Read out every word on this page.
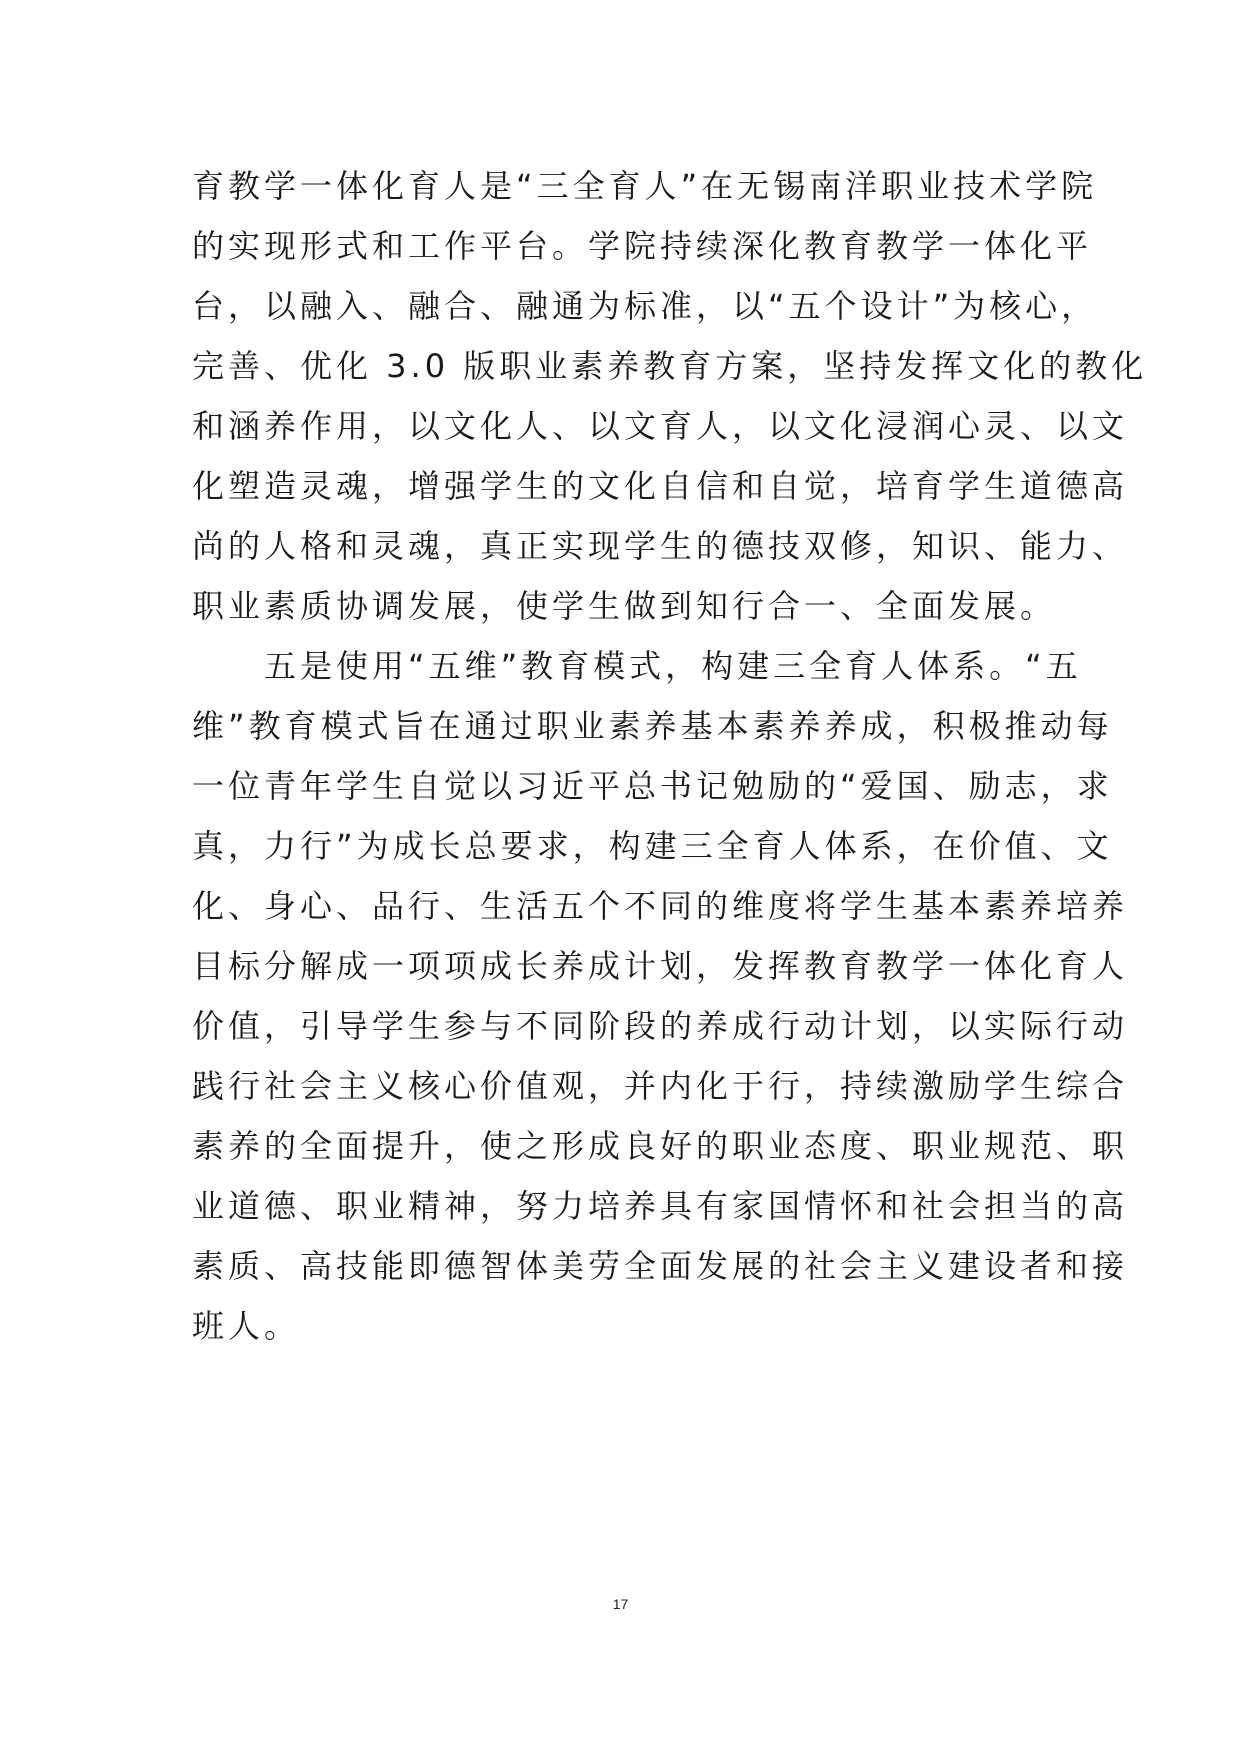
育教学一体化育人是“三全育人”在无锡南洋职业技术学院
的实现形式和工作平台。学院持续深化教育教学一体化平
台，以融入、融合、融通为标准，以“五个设计”为核心，
完善、优化 3.0 版职业素养教育方案，坚持发挥文化的教化
和涵养作用，以文化人、以文育人，以文化浸润心灵、以文
化塑造灵魂，增强学生的文化自信和自觉，培育学生道德高
尚的人格和灵魂，真正实现学生的德技双修，知识、能力、
职业素质协调发展，使学生做到知行合一、全面发展。
　　五是使用“五维”教育模式，构建三全育人体系。“五
维”教育模式旨在通过职业素养基本素养养成，积极推动每
一位青年学生自觉以习近平总书记勉励的“爱国、励志，求
真，力行”为成长总要求，构建三全育人体系，在价值、文
化、身心、品行、生活五个不同的维度将学生基本素养培养
目标分解成一项项成长养成计划，发挥教育教学一体化育人
价值，引导学生参与不同阶段的养成行动计划，以实际行动
践行社会主义核心价值观，并内化于行，持续激励学生综合
素养的全面提升，使之形成良好的职业态度、职业规范、职
业道德、职业精神，努力培养具有家国情怀和社会担当的高
素质、高技能即德智体美劳全面发展的社会主义建设者和接
班人。
17
